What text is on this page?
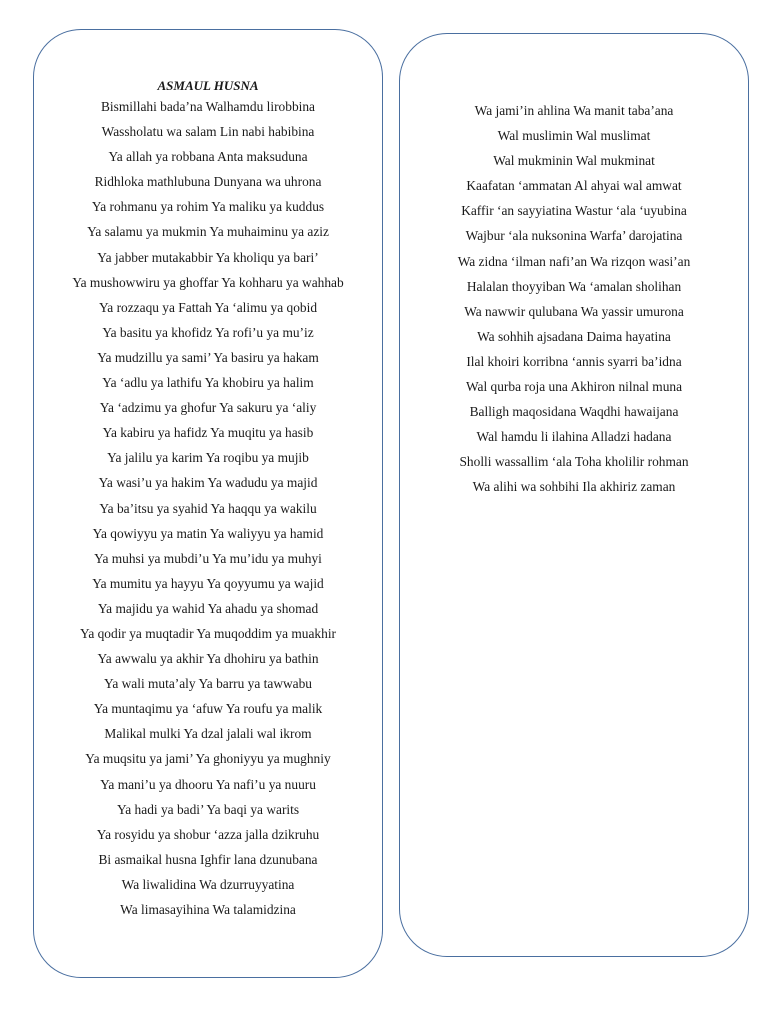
ASMAUL HUSNA
Bismillahi bada’na Walhamdu lirobbina
Wassholatu wa salam Lin nabi habibina
Ya allah ya robbana Anta maksuduna
Ridhloka mathlubuna Dunyana wa uhrona
Ya rohmanu ya rohim Ya maliku ya kuddus
Ya salamu ya mukmin Ya muhaiminu ya aziz
Ya jabber mutakabbir Ya kholiqu ya bari’
Ya mushowwiru ya ghoffar Ya kohharu ya wahhab
Ya rozzaqu ya Fattah Ya ‘alimu ya qobid
Ya basitu ya khofidz Ya rofi’u ya mu’iz
Ya mudzillu ya sami’ Ya basiru ya hakam
Ya ‘adlu ya lathifu Ya khobiru ya halim
Ya ‘adzimu ya ghofur Ya sakuru ya ‘aliy
Ya kabiru ya hafidz Ya muqitu ya hasib
Ya jalilu ya karim Ya roqibu ya mujib
Ya wasi’u ya hakim Ya wadudu ya majid
Ya ba’itsu ya syahid Ya haqqu ya wakilu
Ya qowiyyu ya matin Ya waliyyu ya hamid
Ya muhsi ya mubdi’u Ya mu’idu ya muhyi
Ya mumitu ya hayyu Ya qoyyumu ya wajid
Ya majidu ya wahid Ya ahadu ya shomad
Ya qodir ya muqtadir Ya muqoddim ya muakhir
Ya awwalu ya akhir Ya dhohiru ya bathin
Ya wali muta’aly Ya barru ya tawwabu
Ya muntaqimu ya ‘afuw Ya roufu ya malik
Malikal mulki Ya dzal jalali wal ikrom
Ya muqsitu ya jami’ Ya ghoniyyu ya mughniy
Ya mani’u ya dhooru Ya nafi’u ya nuuru
Ya hadi ya badi’ Ya baqi ya warits
Ya rosyidu ya shobur ‘azza jalla dzikruhu
Bi asmaikal husna Ighfir lana dzunubana
Wa liwalidina Wa dzurruyyatina
Wa limasayihina Wa talamidzina
Wa jami’in ahlina Wa manit taba’ana
Wal muslimin Wal muslimat
Wal mukminin Wal mukminat
Kaafatan ‘ammatan Al ahyai wal amwat
Kaffir ‘an sayyiatina Wastur ‘ala ‘uyubina
Wajbur ‘ala nuksonina Warfa’ darojatina
Wa zidna ‘ilman nafi’an Wa rizqon wasi’an
Halalan thoyyiban Wa ‘amalan sholihan
Wa nawwir qulubana Wa yassir umurona
Wa sohhih ajsadana Daima hayatina
Ilal khoiri korribna ‘annis syarri ba’idna
Wal qurba roja una Akhiron nilnal muna
Balligh maqosidana Waqdhi hawaijana
Wal hamdu li ilahina Alladzi hadana
Sholli wassallim ‘ala Toha kholilir rohman
Wa alihi wa sohbihi Ila akhiriz zaman
